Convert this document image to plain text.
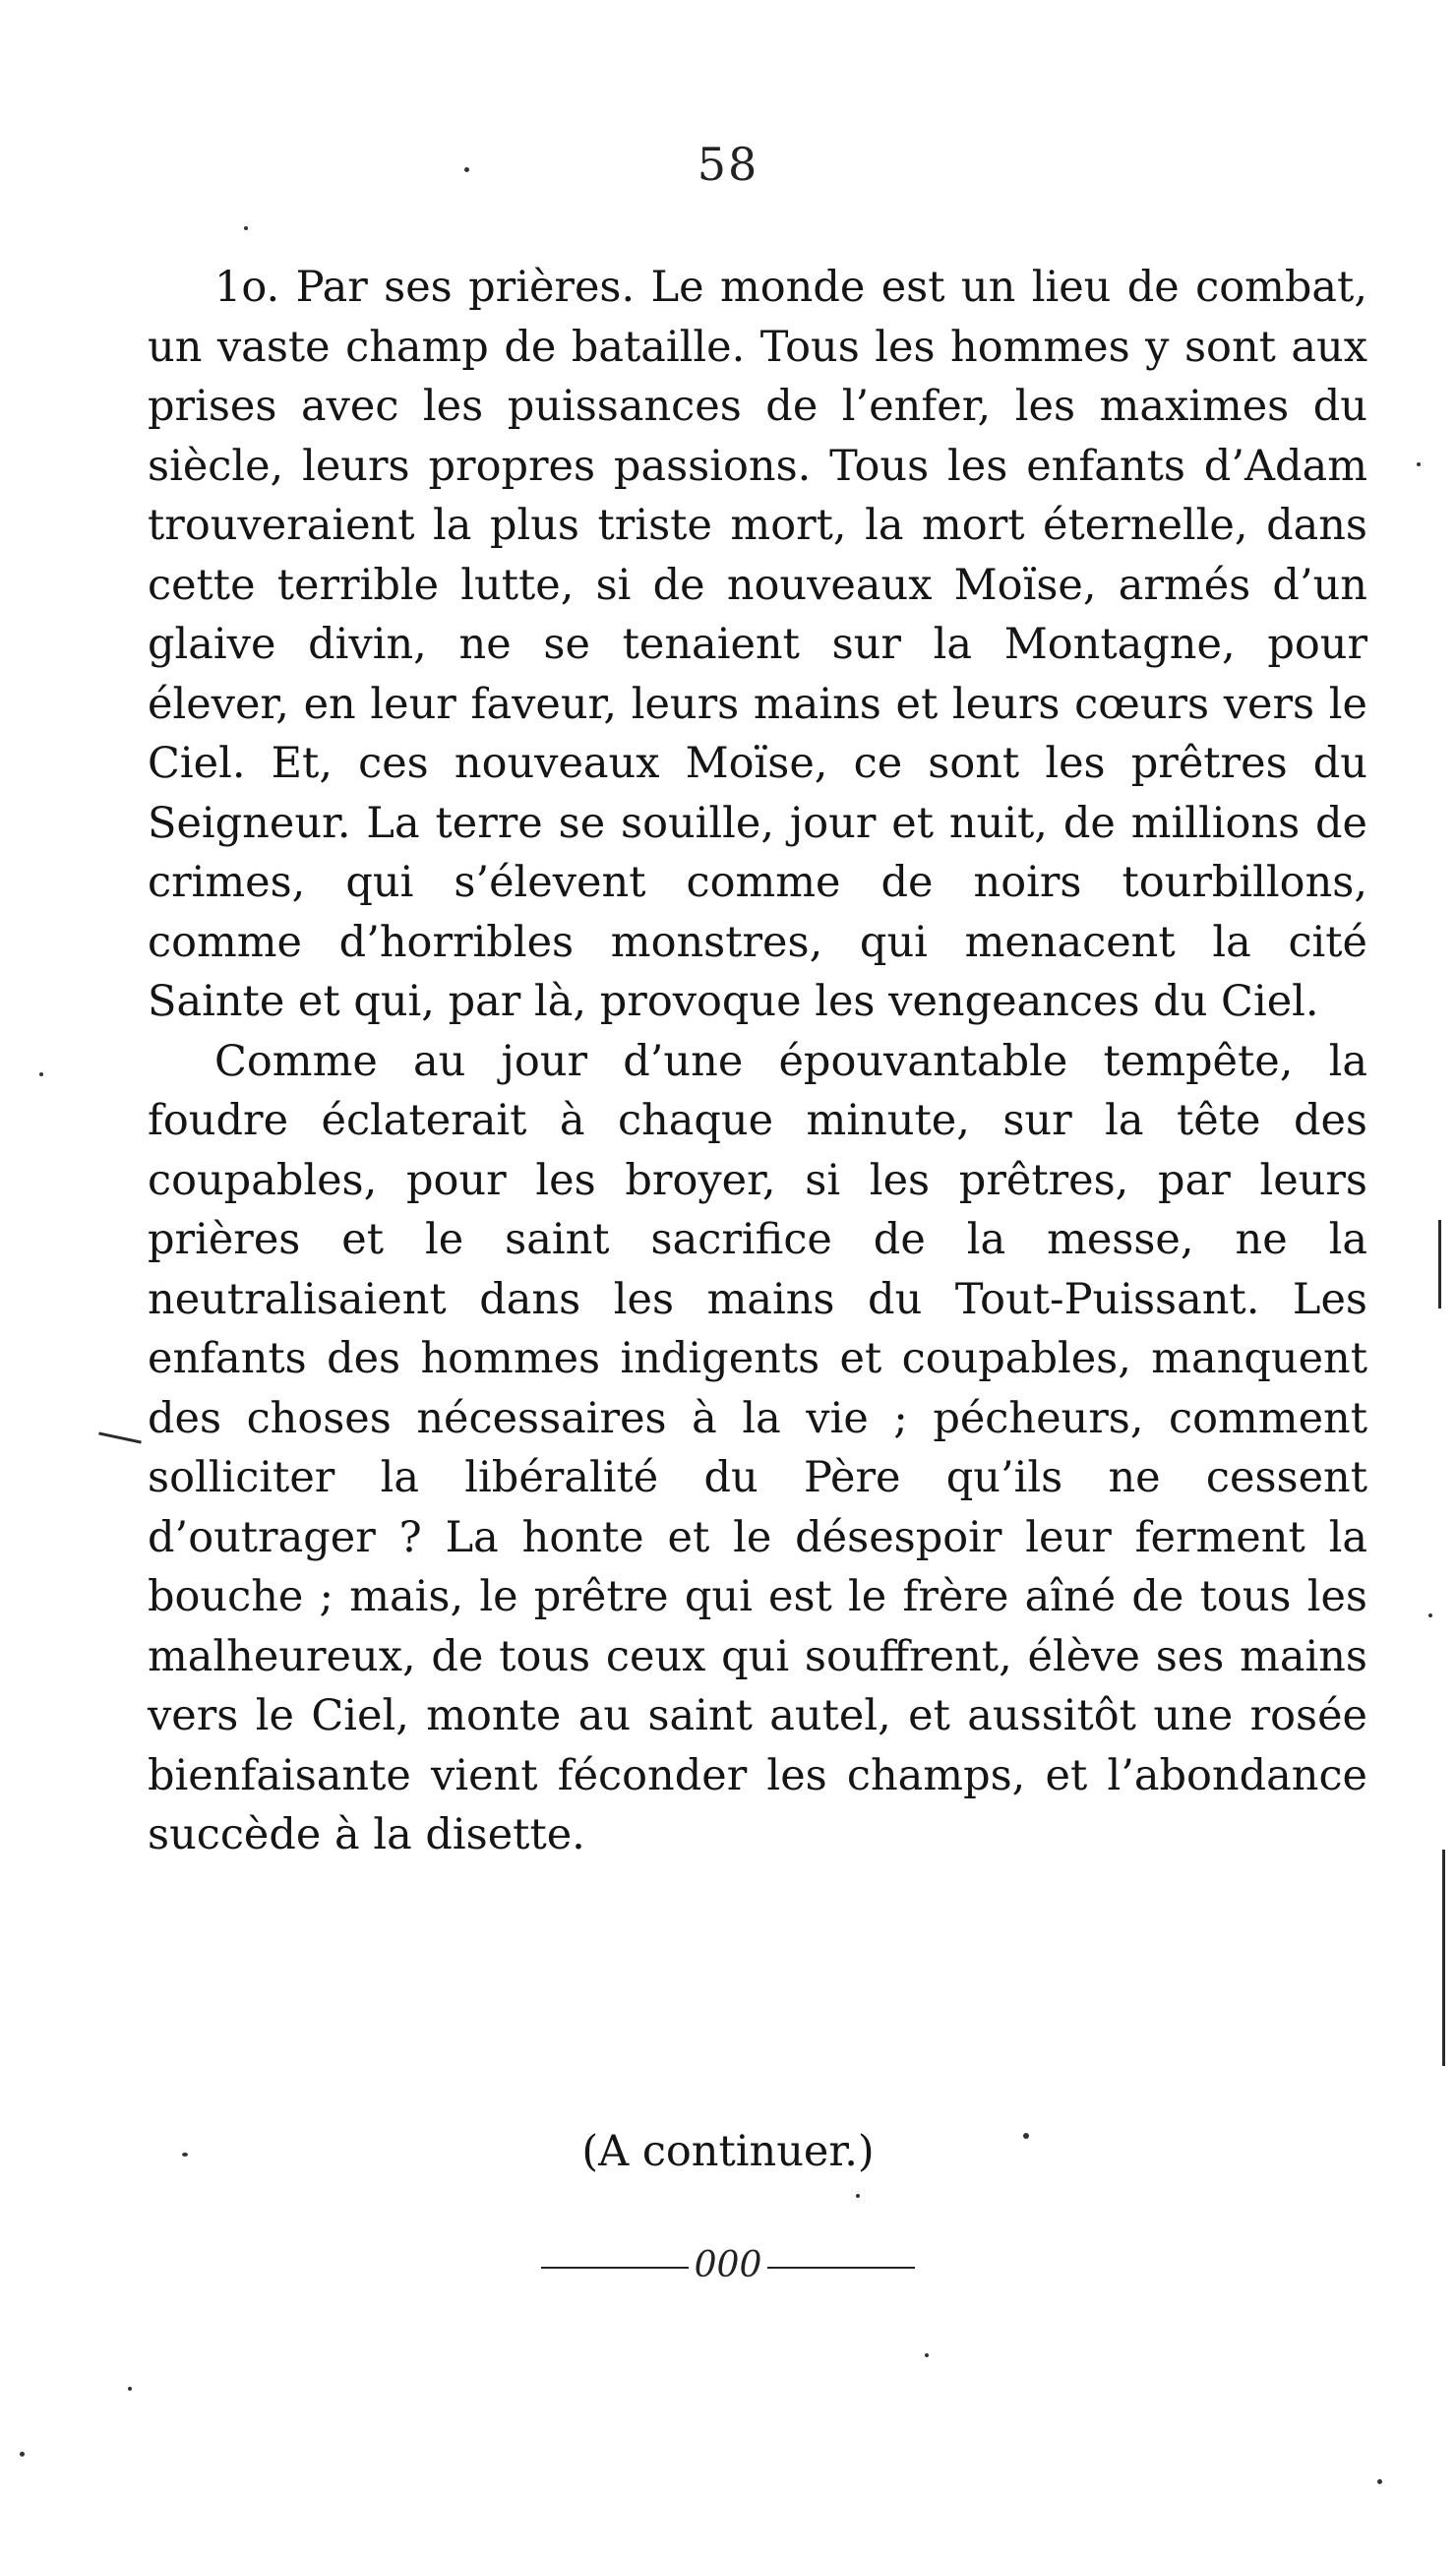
58

1o. Par ses prières. Le monde est un lieu de combat, un vaste champ de bataille. Tous les hommes y sont aux prises avec les puissances de l’enfer, les maximes du siècle, leurs propres passions. Tous les enfants d’Adam trouveraient la plus triste mort, la mort éternelle, dans cette terrible lutte, si de nouveaux Moïse, armés d’un glaive divin, ne se tenaient sur la Montagne, pour élever, en leur faveur, leurs mains et leurs cœurs vers le Ciel. Et, ces nouveaux Moïse, ce sont les prêtres du Seigneur. La terre se souille, jour et nuit, de millions de crimes, qui s’élevent comme de noirs tourbillons, comme d’horribles monstres, qui menacent la cité Sainte et qui, par là, provoque les vengeances du Ciel.

Comme au jour d’une épouvantable tempête, la foudre éclaterait à chaque minute, sur la tête des coupables, pour les broyer, si les prêtres, par leurs prières et le saint sacrifice de la messe, ne la neutralisaient dans les mains du Tout-Puissant. Les enfants des hommes indigents et coupables, manquent des choses nécessaires à la vie ; pécheurs, comment solliciter la libéralité du Père qu’ils ne cessent d’outrager ? La honte et le désespoir leur ferment la bouche ; mais, le prêtre qui est le frère aîné de tous les malheureux, de tous ceux qui souffrent, élève ses mains vers le Ciel, monte au saint autel, et aussitôt une rosée bienfaisante vient féconder les champs, et l’abondance succède à la disette.

(A continuer.)
000
